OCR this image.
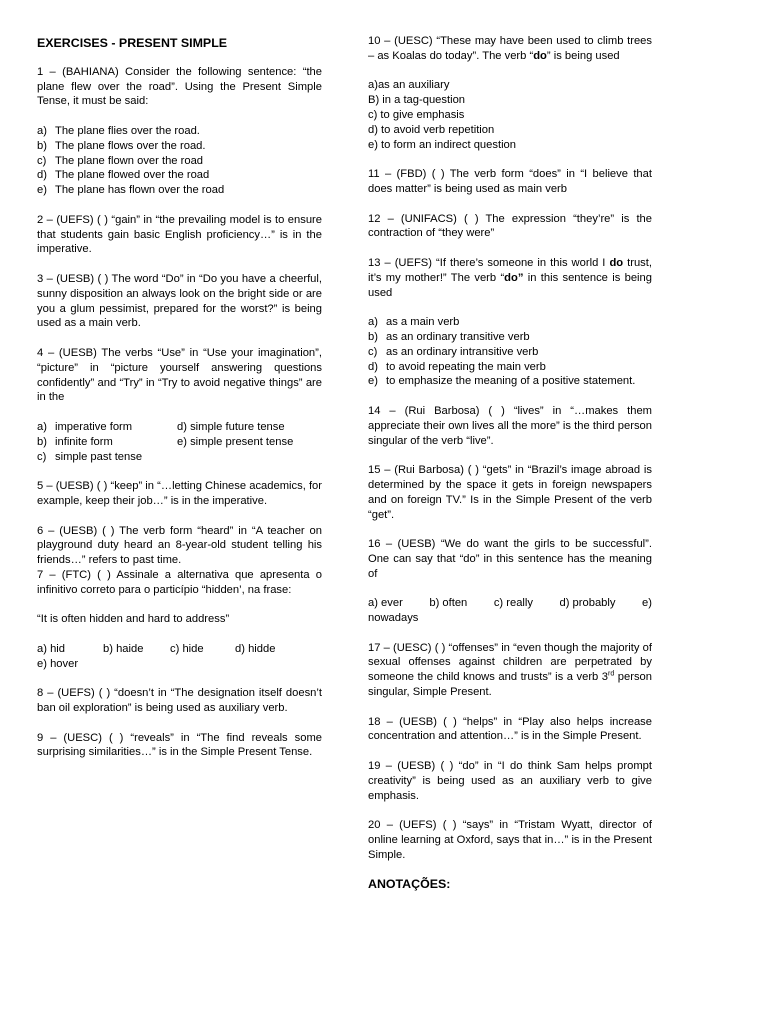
EXERCISES - PRESENT SIMPLE
1 – (BAHIANA) Consider the following sentence: “the plane flew over the road”. Using the Present Simple Tense, it must be said:
a) The plane flies over the road.
b) The plane flows over the road.
c) The plane flown over the road
d) The plane flowed over the road
e) The plane has flown over the road
2 – (UEFS) ( ) “gain” in “the prevailing model is to ensure that students gain basic English proficiency…” is in the imperative.
3 – (UESB) ( ) The word “Do” in “Do you have a cheerful, sunny disposition an always look on the bright side or are you a glum pessimist, prepared for the worst?” is being used as a main verb.
4 – (UESB) The verbs “Use” in “Use your imagination”, “picture” in “picture yourself answering questions confidently” and “Try” in “Try to avoid negative things” are in the
a) imperative form	d) simple future tense
b) infinite form	e) simple present tense
c) simple past tense
5 – (UESB) ( ) “keep” in “…letting Chinese academics, for example, keep their job…” is in the imperative.
6 – (UESB) ( ) The verb form “heard” in “A teacher on playground duty heard an 8-year-old student telling his friends…” refers to past time.
7 – (FTC) ( ) Assinale a alternativa que apresenta o infinitivo correto para o particípio “hidden’, na frase:
“It is often hidden and hard to address”
a) hid	b) haide	c) hide	d) hidde
e) hover
8 – (UEFS) ( ) “doesn’t in “The designation itself doesn’t ban oil exploration” is being used as auxiliary verb.
9 – (UESC) ( ) “reveals” in “The find reveals some surprising similarities…” is in the Simple Present Tense.
10 – (UESC) “These may have been used to climb trees – as Koalas do today”. The verb “do” is being used
a)as an auxiliary
B) in a tag-question
c) to give emphasis
d) to avoid verb repetition
e) to form an indirect question
11 – (FBD) ( ) The verb form “does” in “I believe that does matter” is being used as main verb
12 – (UNIFACS) ( ) The expression “they’re” is the contraction of “they were”
13 – (UEFS) “If there’s someone in this world I do trust, it’s my mother!” The verb “do” in this sentence is being used
a) as a main verb
b) as an ordinary transitive verb
c) as an ordinary intransitive verb
d) to avoid repeating the main verb
e) to emphasize the meaning of a positive statement.
14 – (Rui Barbosa) ( ) “lives” in “…makes them appreciate their own lives all the more” is the third person singular of the verb “live”.
15 – (Rui Barbosa) ( ) “gets” in “Brazil’s image abroad is determined by the space it gets in foreign newspapers and on foreign TV.” Is in the Simple Present of the verb “get”.
16 – (UESB) “We do want the girls to be successful”. One can say that “do” in this sentence has the meaning of
a) ever b) often c) really d) probably e)
nowadays
17 – (UESC) ( ) “offenses” in “even though the majority of sexual offenses against children are perpetrated by someone the child knows and trusts” is a verb 3rd person singular, Simple Present.
18 – (UESB) ( ) “helps” in “Play also helps increase concentration and attention…” is in the Simple Present.
19 – (UESB) ( ) “do” in “I do think Sam helps prompt creativity” is being used as an auxiliary verb to give emphasis.
20 – (UEFS) ( ) “says” in “Tristam Wyatt, director of online learning at Oxford, says that in…” is in the Present Simple.
ANOTAÇÕES:
